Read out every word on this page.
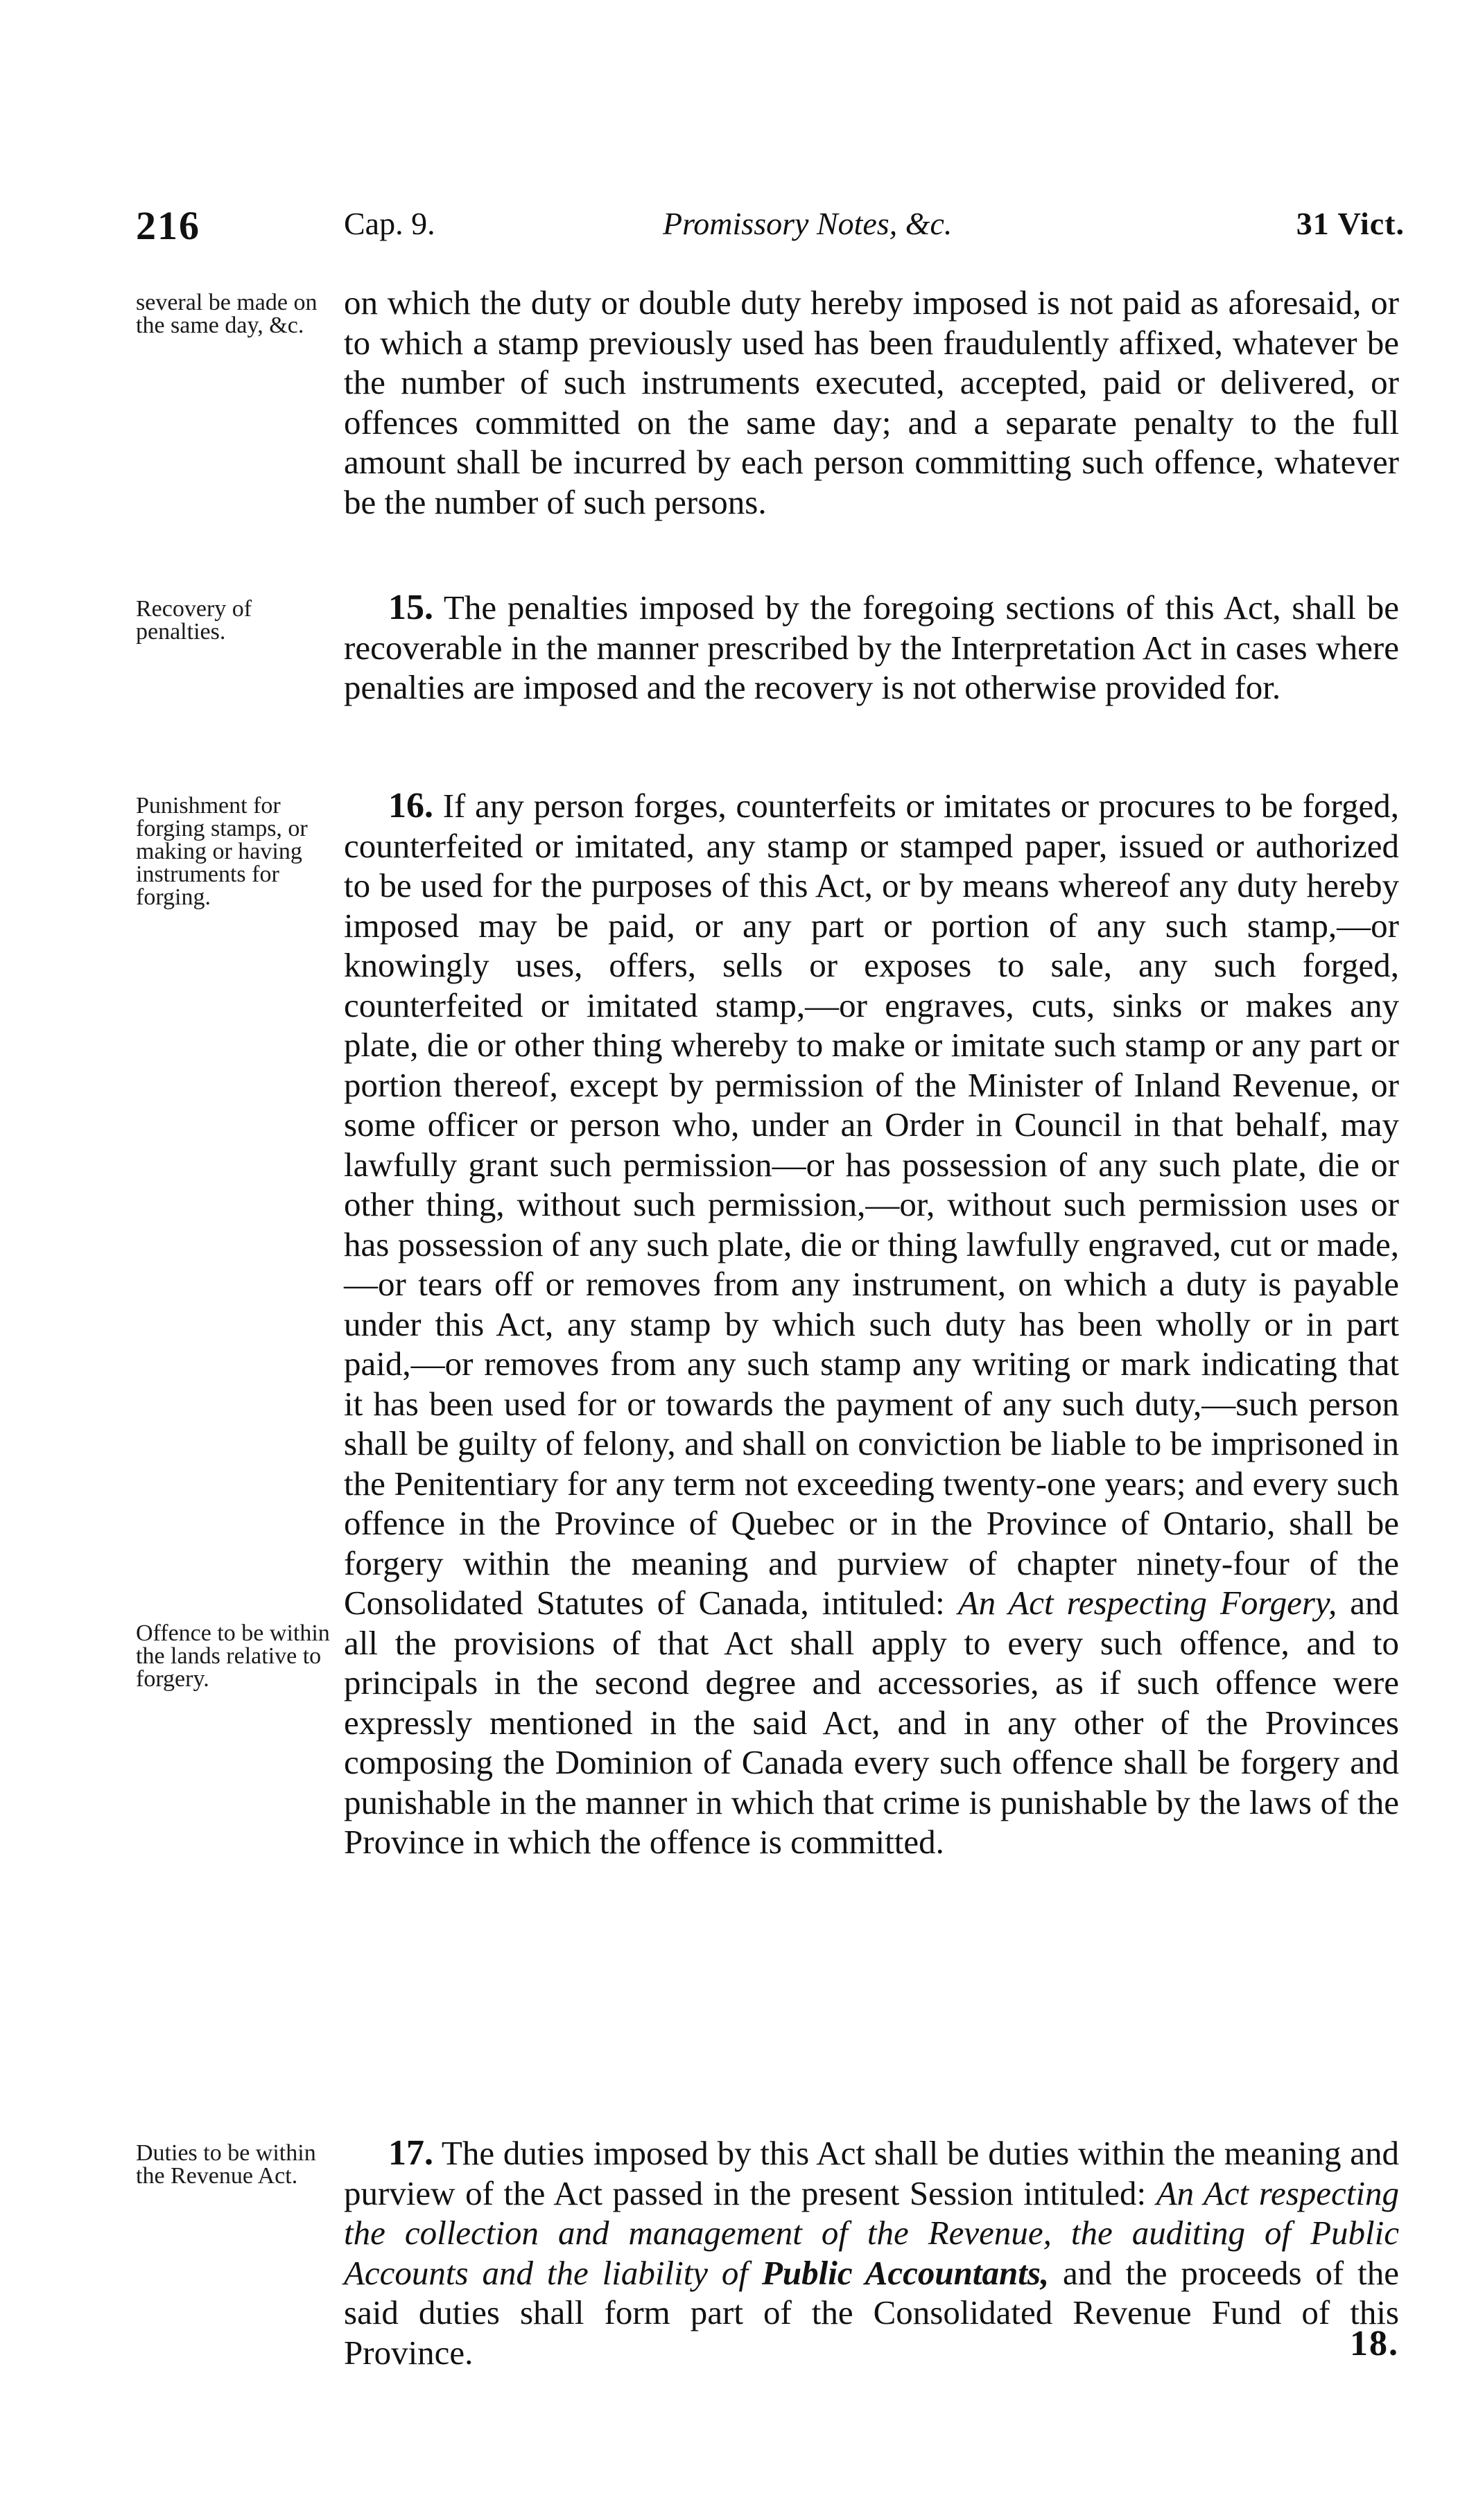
216	Cap. 9.	Promissory Notes, &c.	31 Vict.
several be made on the same day, &c.
Recovery of penalties.
Punishment for forging stamps, or making or having instruments for forging.
Offence to be within the lands relative to forgery.
Duties to be within the Revenue Act.

on which the duty or double duty hereby imposed is not paid as aforesaid, or to which a stamp previously used has been fraudulently affixed, whatever be the number of such instruments executed, accepted, paid or delivered, or offences committed on the same day; and a separate penalty to the full amount shall be incurred by each person committing such offence, whatever be the number of such persons.

15. The penalties imposed by the foregoing sections of this Act, shall be recoverable in the manner prescribed by the Interpretation Act in cases where penalties are imposed and the recovery is not otherwise provided for.

16. If any person forges, counterfeits or imitates or procures to be forged, counterfeited or imitated, any stamp or stamped paper, issued or authorized to be used for the purposes of this Act, or by means whereof any duty hereby imposed may be paid, or any part or portion of any such stamp,—or knowingly uses, offers, sells or exposes to sale, any such forged, counterfeited or imitated stamp,—or engraves, cuts, sinks or makes any plate, die or other thing whereby to make or imitate such stamp or any part or portion thereof, except by permission of the Minister of Inland Revenue, or some officer or person who, under an Order in Council in that behalf, may lawfully grant such permission—or has possession of any such plate, die or other thing, without such permission,—or, without such permission uses or has possession of any such plate, die or thing lawfully engraved, cut or made,—or tears off or removes from any instrument, on which a duty is payable under this Act, any stamp by which such duty has been wholly or in part paid,—or removes from any such stamp any writing or mark indicating that it has been used for or towards the payment of any such duty,—such person shall be guilty of felony, and shall on conviction be liable to be imprisoned in the Penitentiary for any term not exceeding twenty-one years; and every such offence in the Province of Quebec or in the Province of Ontario, shall be forgery within the meaning and purview of chapter ninety-four of the Consolidated Statutes of Canada, intituled: An Act respecting Forgery, and all the provisions of that Act shall apply to every such offence, and to principals in the second degree and accessories, as if such offence were expressly mentioned in the said Act, and in any other of the Provinces composing the Dominion of Canada every such offence shall be forgery and punishable in the manner in which that crime is punishable by the laws of the Province in which the offence is committed.

17. The duties imposed by this Act shall be duties within the meaning and purview of the Act passed in the present Session intituled: An Act respecting the collection and management of the Revenue, the auditing of Public Accounts and the liability of Public Accountants, and the proceeds of the said duties shall form part of the Consolidated Revenue Fund of this Province.	18.
